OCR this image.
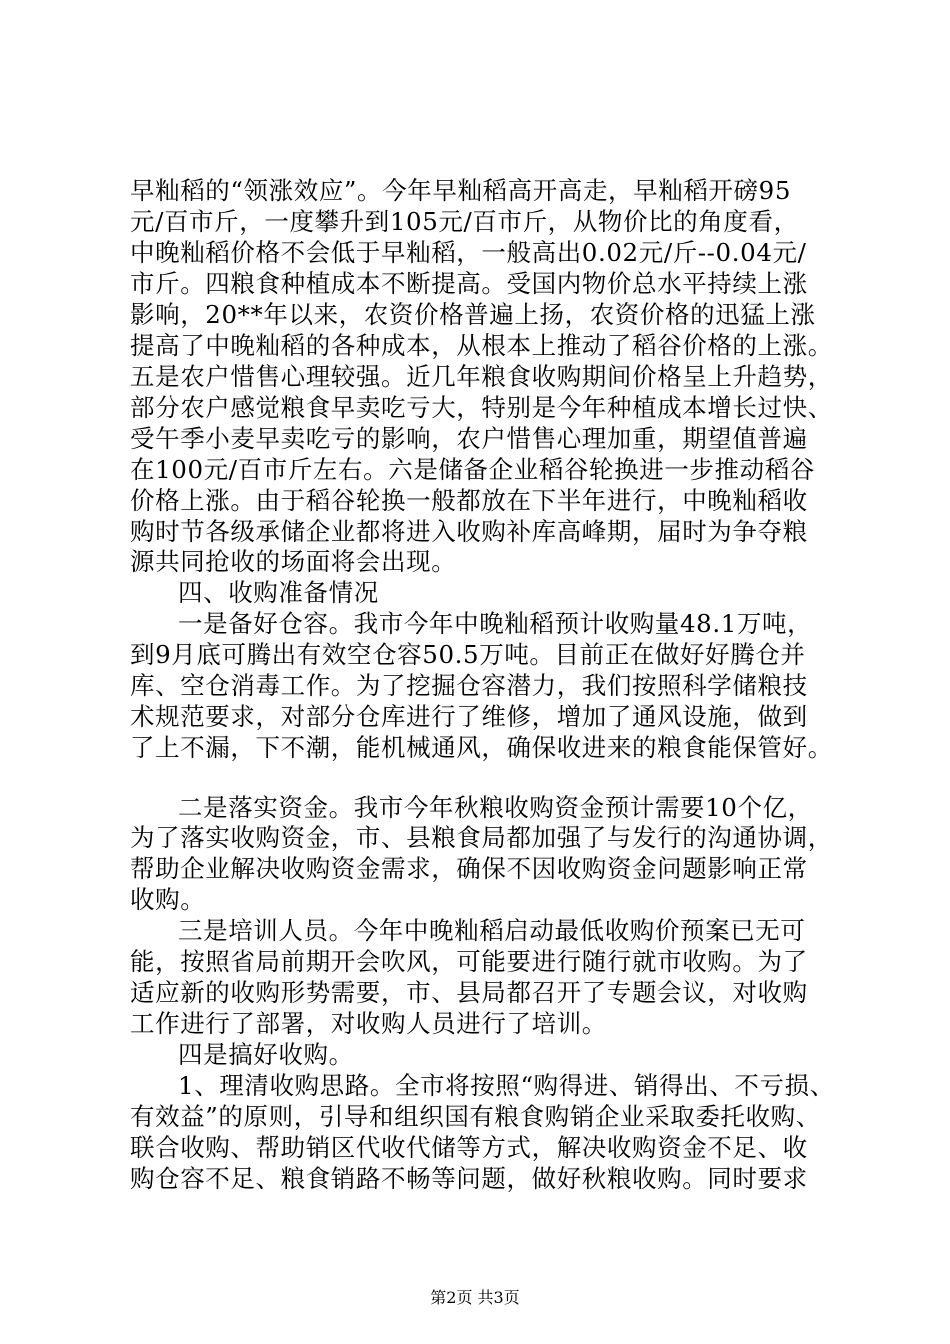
早籼稻的“领涨效应”。今年早籼稻高开高走，早籼稻开磅95
元/百市斤，一度攀升到105元/百市斤，从物价比的角度看，
中晚籼稻价格不会低于早籼稻，一般高出0.02元/斤--0.04元/
市斤。四粮食种植成本不断提高。受国内物价总水平持续上涨
影响，20**年以来，农资价格普遍上扬，农资价格的迅猛上涨
提高了中晚籼稻的各种成本，从根本上推动了稻谷价格的上涨。
五是农户惜售心理较强。近几年粮食收购期间价格呈上升趋势，
部分农户感觉粮食早卖吃亏大，特别是今年种植成本增长过快、
受午季小麦早卖吃亏的影响，农户惜售心理加重，期望值普遍
在100元/百市斤左右。六是储备企业稻谷轮换进一步推动稻谷
价格上涨。由于稻谷轮换一般都放在下半年进行，中晚籼稻收
购时节各级承储企业都将进入收购补库高峰期，届时为争夺粮
源共同抢收的场面将会出现。
四、收购准备情况
一是备好仓容。我市今年中晚籼稻预计收购量48.1万吨，
到9月底可腾出有效空仓容50.5万吨。目前正在做好好腾仓并
库、空仓消毒工作。为了挖掘仓容潜力，我们按照科学储粮技
术规范要求，对部分仓库进行了维修，增加了通风设施，做到
了上不漏，下不潮，能机械通风，确保收进来的粮食能保管好。
二是落实资金。我市今年秋粮收购资金预计需要10个亿，
为了落实收购资金，市、县粮食局都加强了与发行的沟通协调，
帮助企业解决收购资金需求，确保不因收购资金问题影响正常
收购。
三是培训人员。今年中晚籼稻启动最低收购价预案已无可
能，按照省局前期开会吹风，可能要进行随行就市收购。为了
适应新的收购形势需要，市、县局都召开了专题会议，对收购
工作进行了部署，对收购人员进行了培训。
四是搞好收购。
1、理清收购思路。全市将按照“购得进、销得出、不亏损、
有效益”的原则，引导和组织国有粮食购销企业采取委托收购、
联合收购、帮助销区代收代储等方式，解决收购资金不足、收
购仓容不足、粮食销路不畅等问题，做好秋粮收购。同时要求
第2页 共3页
